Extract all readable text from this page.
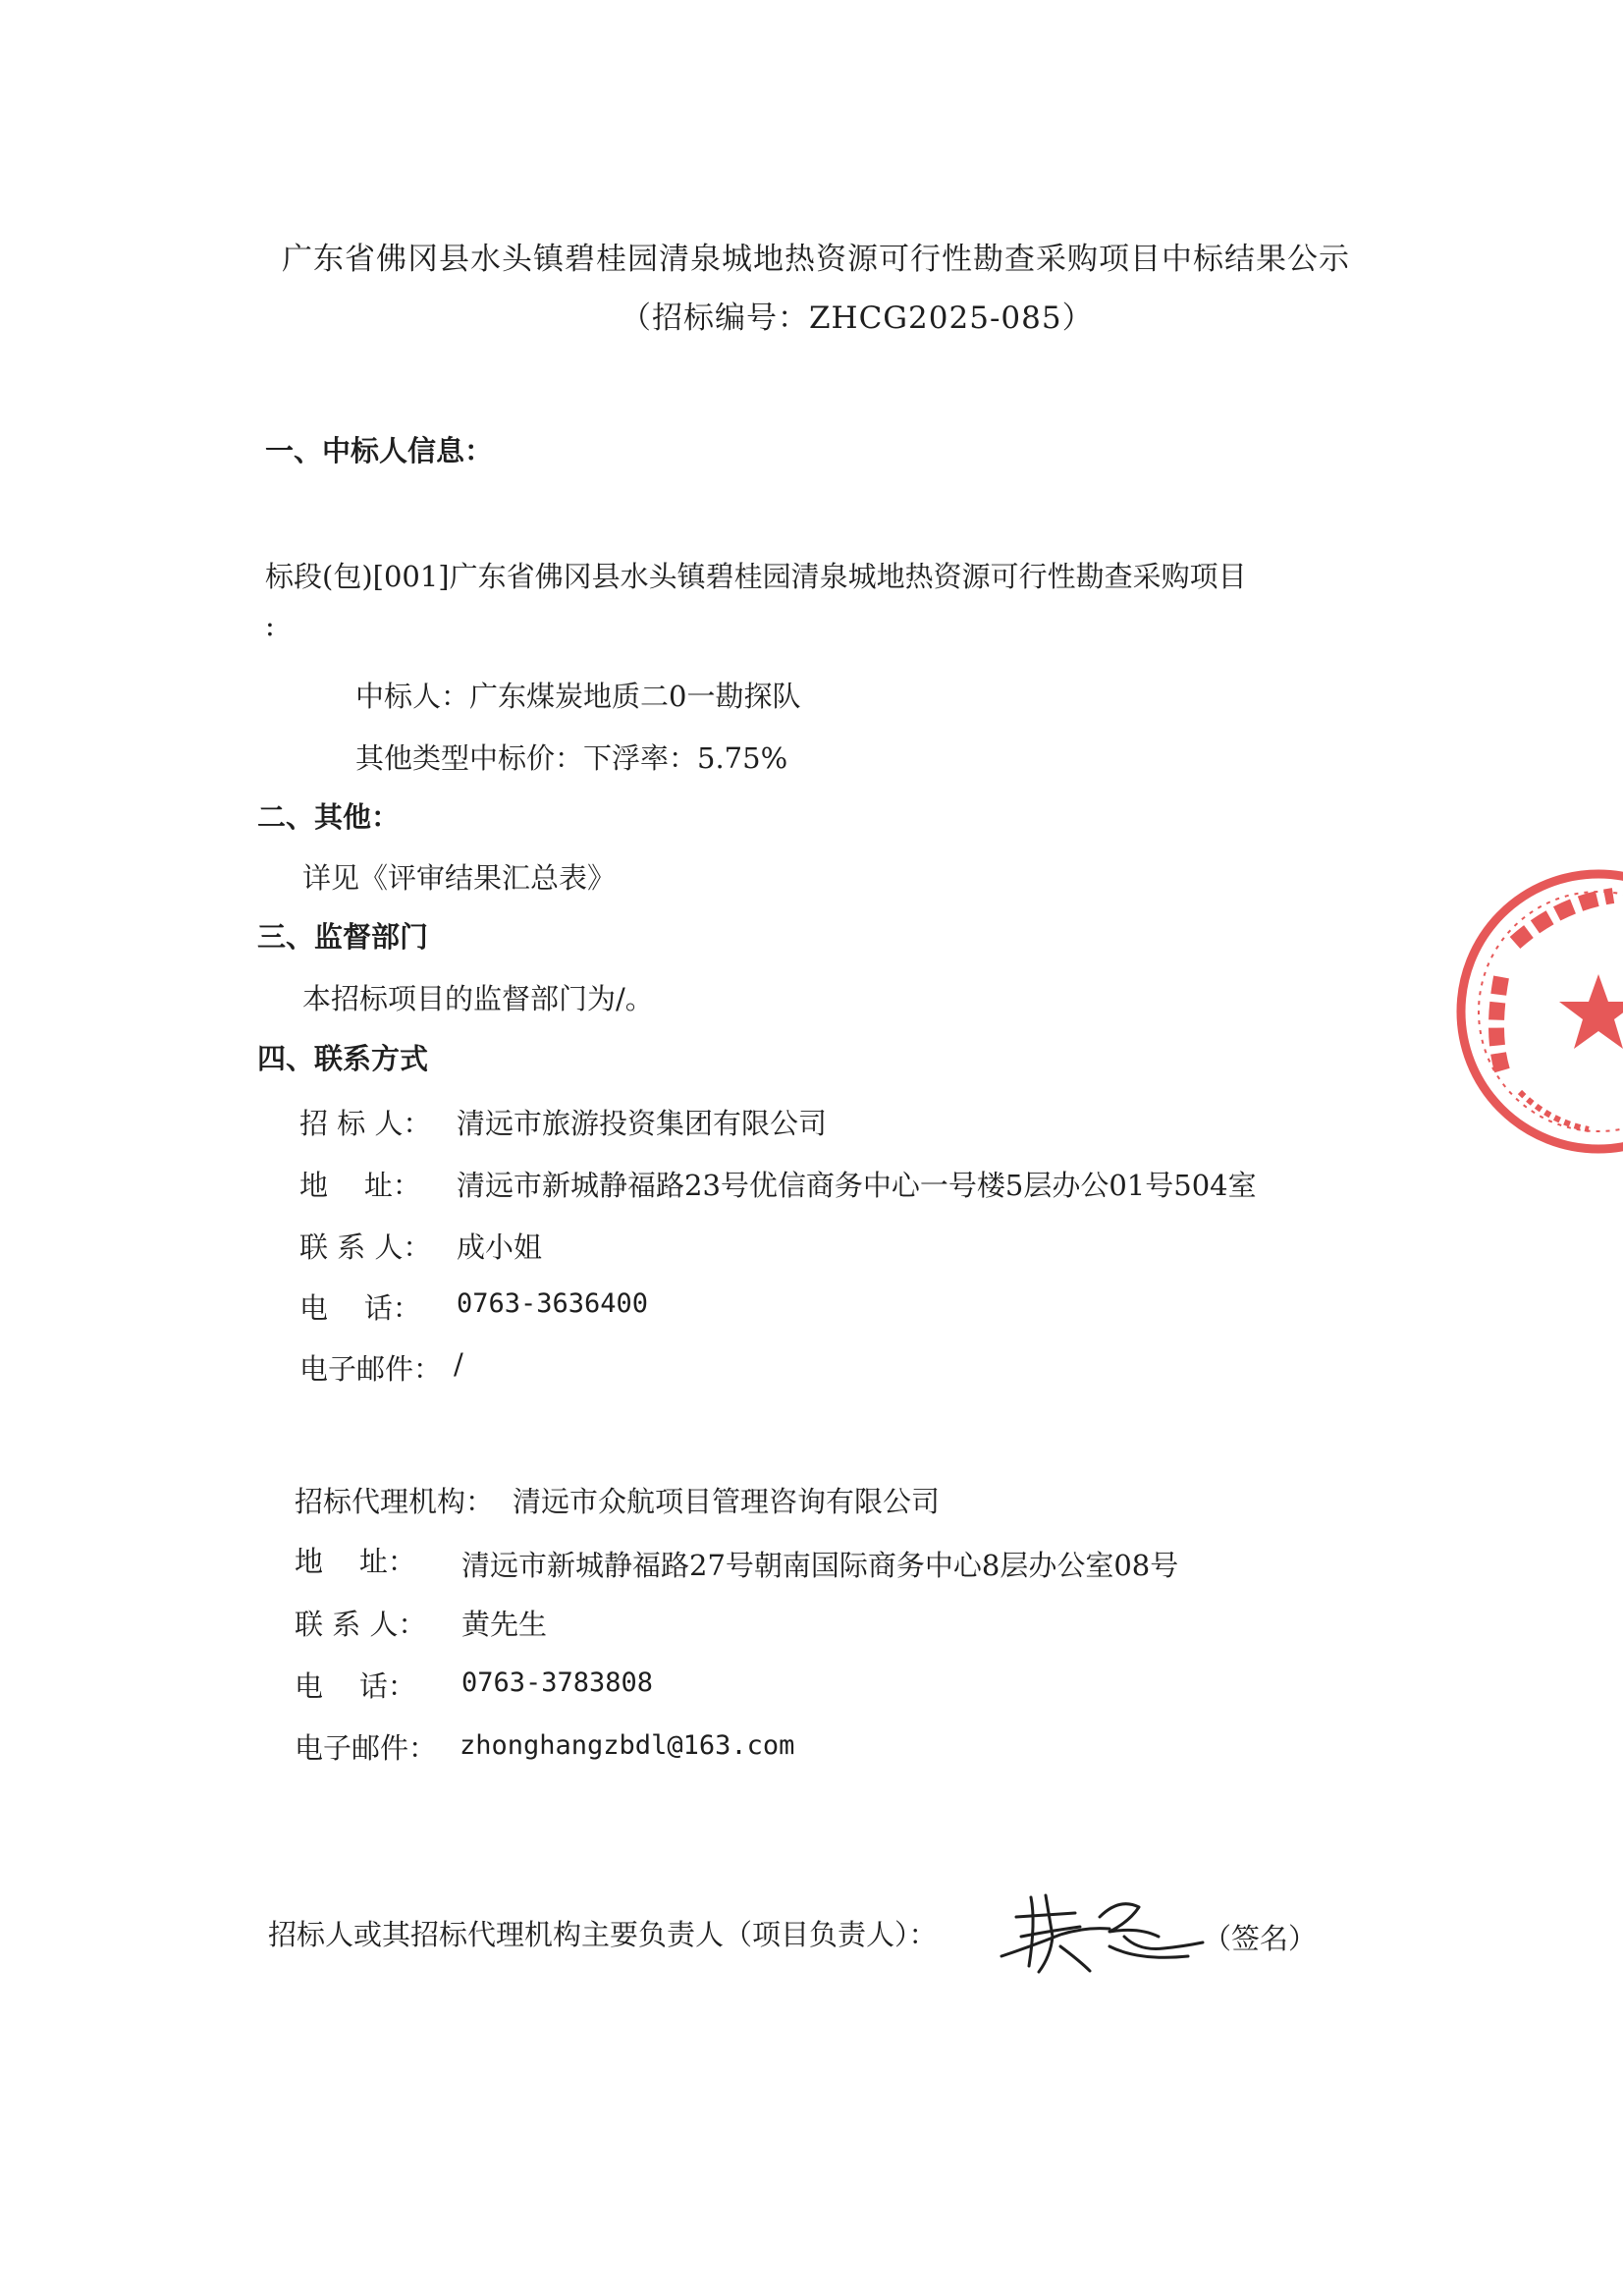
广东省佛冈县水头镇碧桂园清泉城地热资源可行性勘查采购项目中标结果公示
（招标编号：ZHCG2025-085）
一、中标人信息：
标段(包)[001]广东省佛冈县水头镇碧桂园清泉城地热资源可行性勘查采购项目
:
中标人：广东煤炭地质二0一勘探队
其他类型中标价：下浮率：5.75%
二、其他：
详见《评审结果汇总表》
三、监督部门
本招标项目的监督部门为/。
四、联系方式
招 标 人： 清远市旅游投资集团有限公司
地    址： 清远市新城静福路23号优信商务中心一号楼5层办公01号504室
联 系 人： 成小姐
电    话： 0763-3636400
电子邮件： /
招标代理机构： 清远市众航项目管理咨询有限公司
地    址： 清远市新城静福路27号朝南国际商务中心8层办公室08号
联 系 人： 黄先生
电    话： 0763-3783808
电子邮件： zhonghangzbdl@163.com
招标人或其招标代理机构主要负责人（项目负责人）：	（签名）
